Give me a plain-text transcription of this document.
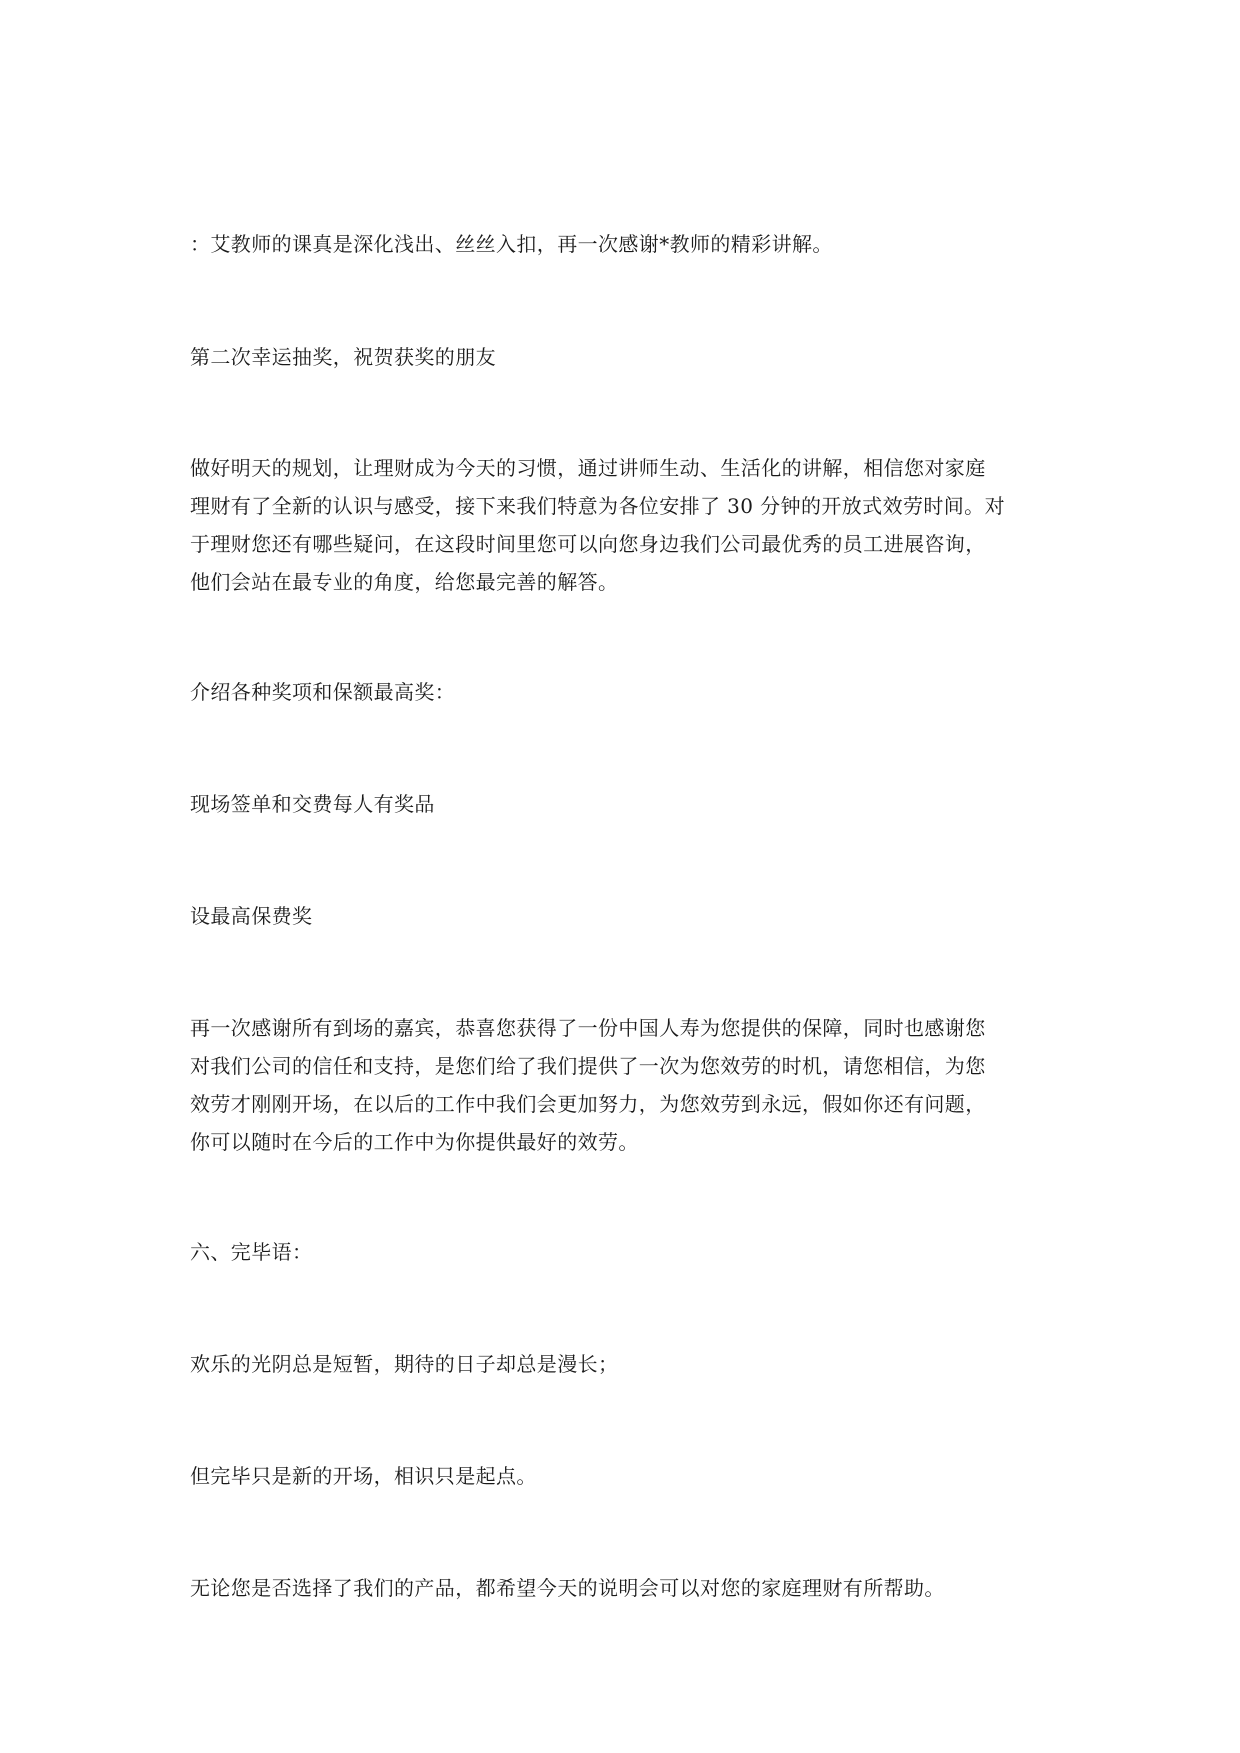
：艾教师的课真是深化浅出、丝丝入扣，再一次感谢*教师的精彩讲解。

第二次幸运抽奖，祝贺获奖的朋友

做好明天的规划，让理财成为今天的习惯，通过讲师生动、生活化的讲解，相信您对家庭
理财有了全新的认识与感受，接下来我们特意为各位安排了 30 分钟的开放式效劳时间。对
于理财您还有哪些疑问，在这段时间里您可以向您身边我们公司最优秀的员工进展咨询，
他们会站在最专业的角度，给您最完善的解答。

介绍各种奖项和保额最高奖：

现场签单和交费每人有奖品

设最高保费奖

再一次感谢所有到场的嘉宾，恭喜您获得了一份中国人寿为您提供的保障，同时也感谢您
对我们公司的信任和支持，是您们给了我们提供了一次为您效劳的时机，请您相信，为您
效劳才刚刚开场，在以后的工作中我们会更加努力，为您效劳到永远，假如你还有问题，
你可以随时在今后的工作中为你提供最好的效劳。

六、完毕语：

欢乐的光阴总是短暂，期待的日子却总是漫长；

但完毕只是新的开场，相识只是起点。

无论您是否选择了我们的产品，都希望今天的说明会可以对您的家庭理财有所帮助。
